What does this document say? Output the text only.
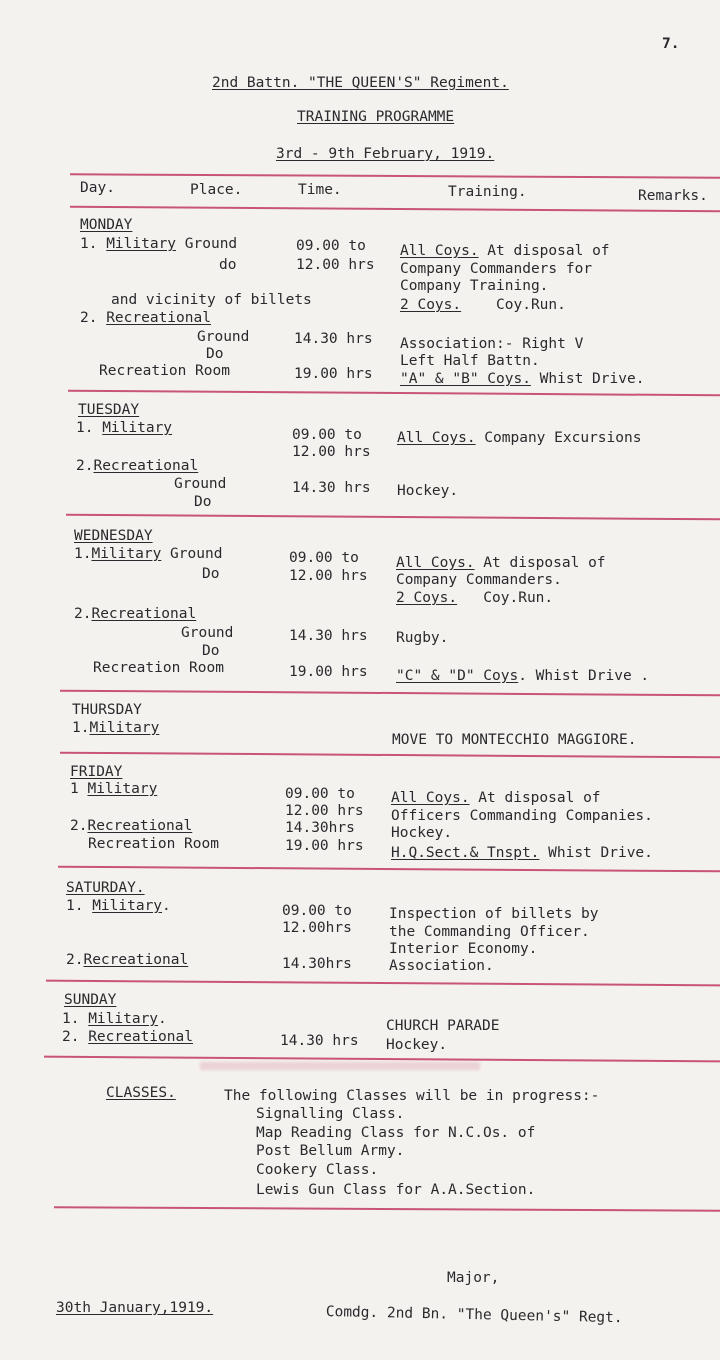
7.
2nd Battn. "THE QUEEN'S" Regiment.
TRAINING PROGRAMME
3rd - 9th February, 1919.
Day.	Place.	Time.	Training.	Remarks.
MONDAY
1. Military Ground	09.00 to All Coys. At disposal of
do	12.00 hrs Company Commanders for
Company Training.
and vicinity of billets	2 Coys.    Coy.Run.
2. Recreational
Ground	14.30 hrs Association:- Right V
Do	Left Half Battn.
Recreation Room	19.00 hrs "A" & "B" Coys. Whist Drive.
TUESDAY
1. Military	09.00 to All Coys. Company Excursions
12.00 hrs
2.Recreational
Ground	14.30 hrs Hockey.
Do
WEDNESDAY
1.Military Ground	09.00 to	All Coys. At disposal of
Do	12.00 hrs Company Commanders.
2 Coys.   Coy.Run.
2.Recreational
Ground	14.30 hrs Rugby.
Do
Recreation Room	19.00 hrs "C" & "D" Coys. Whist Drive .
THURSDAY
1.Military
MOVE TO MONTECCHIO MAGGIORE.
FRIDAY
1 Military	09.00 to All Coys. At disposal of
12.00 hrs Officers Commanding Companies.
2.Recreational	14.30hrs Hockey.
Recreation Room	19.00 hrs H.Q.Sect.& Tnspt. Whist Drive.
SATURDAY.
1. Military.	09.00 to	Inspection of billets by
12.00hrs	the Commanding Officer.
Interior Economy.
2.Recreational	14.30hrs	Association.
SUNDAY
1. Military.	CHURCH PARADE
2. Recreational	14.30 hrs Hockey.
CLASSES.	The following Classes will be in progress:-
Signalling Class.
Map Reading Class for N.C.Os. of
Post Bellum Army.
Cookery Class.
Lewis Gun Class for A.A.Section.
Major,
30th January,1919.	Comdg. 2nd Bn. "The Queen's" Regt.
